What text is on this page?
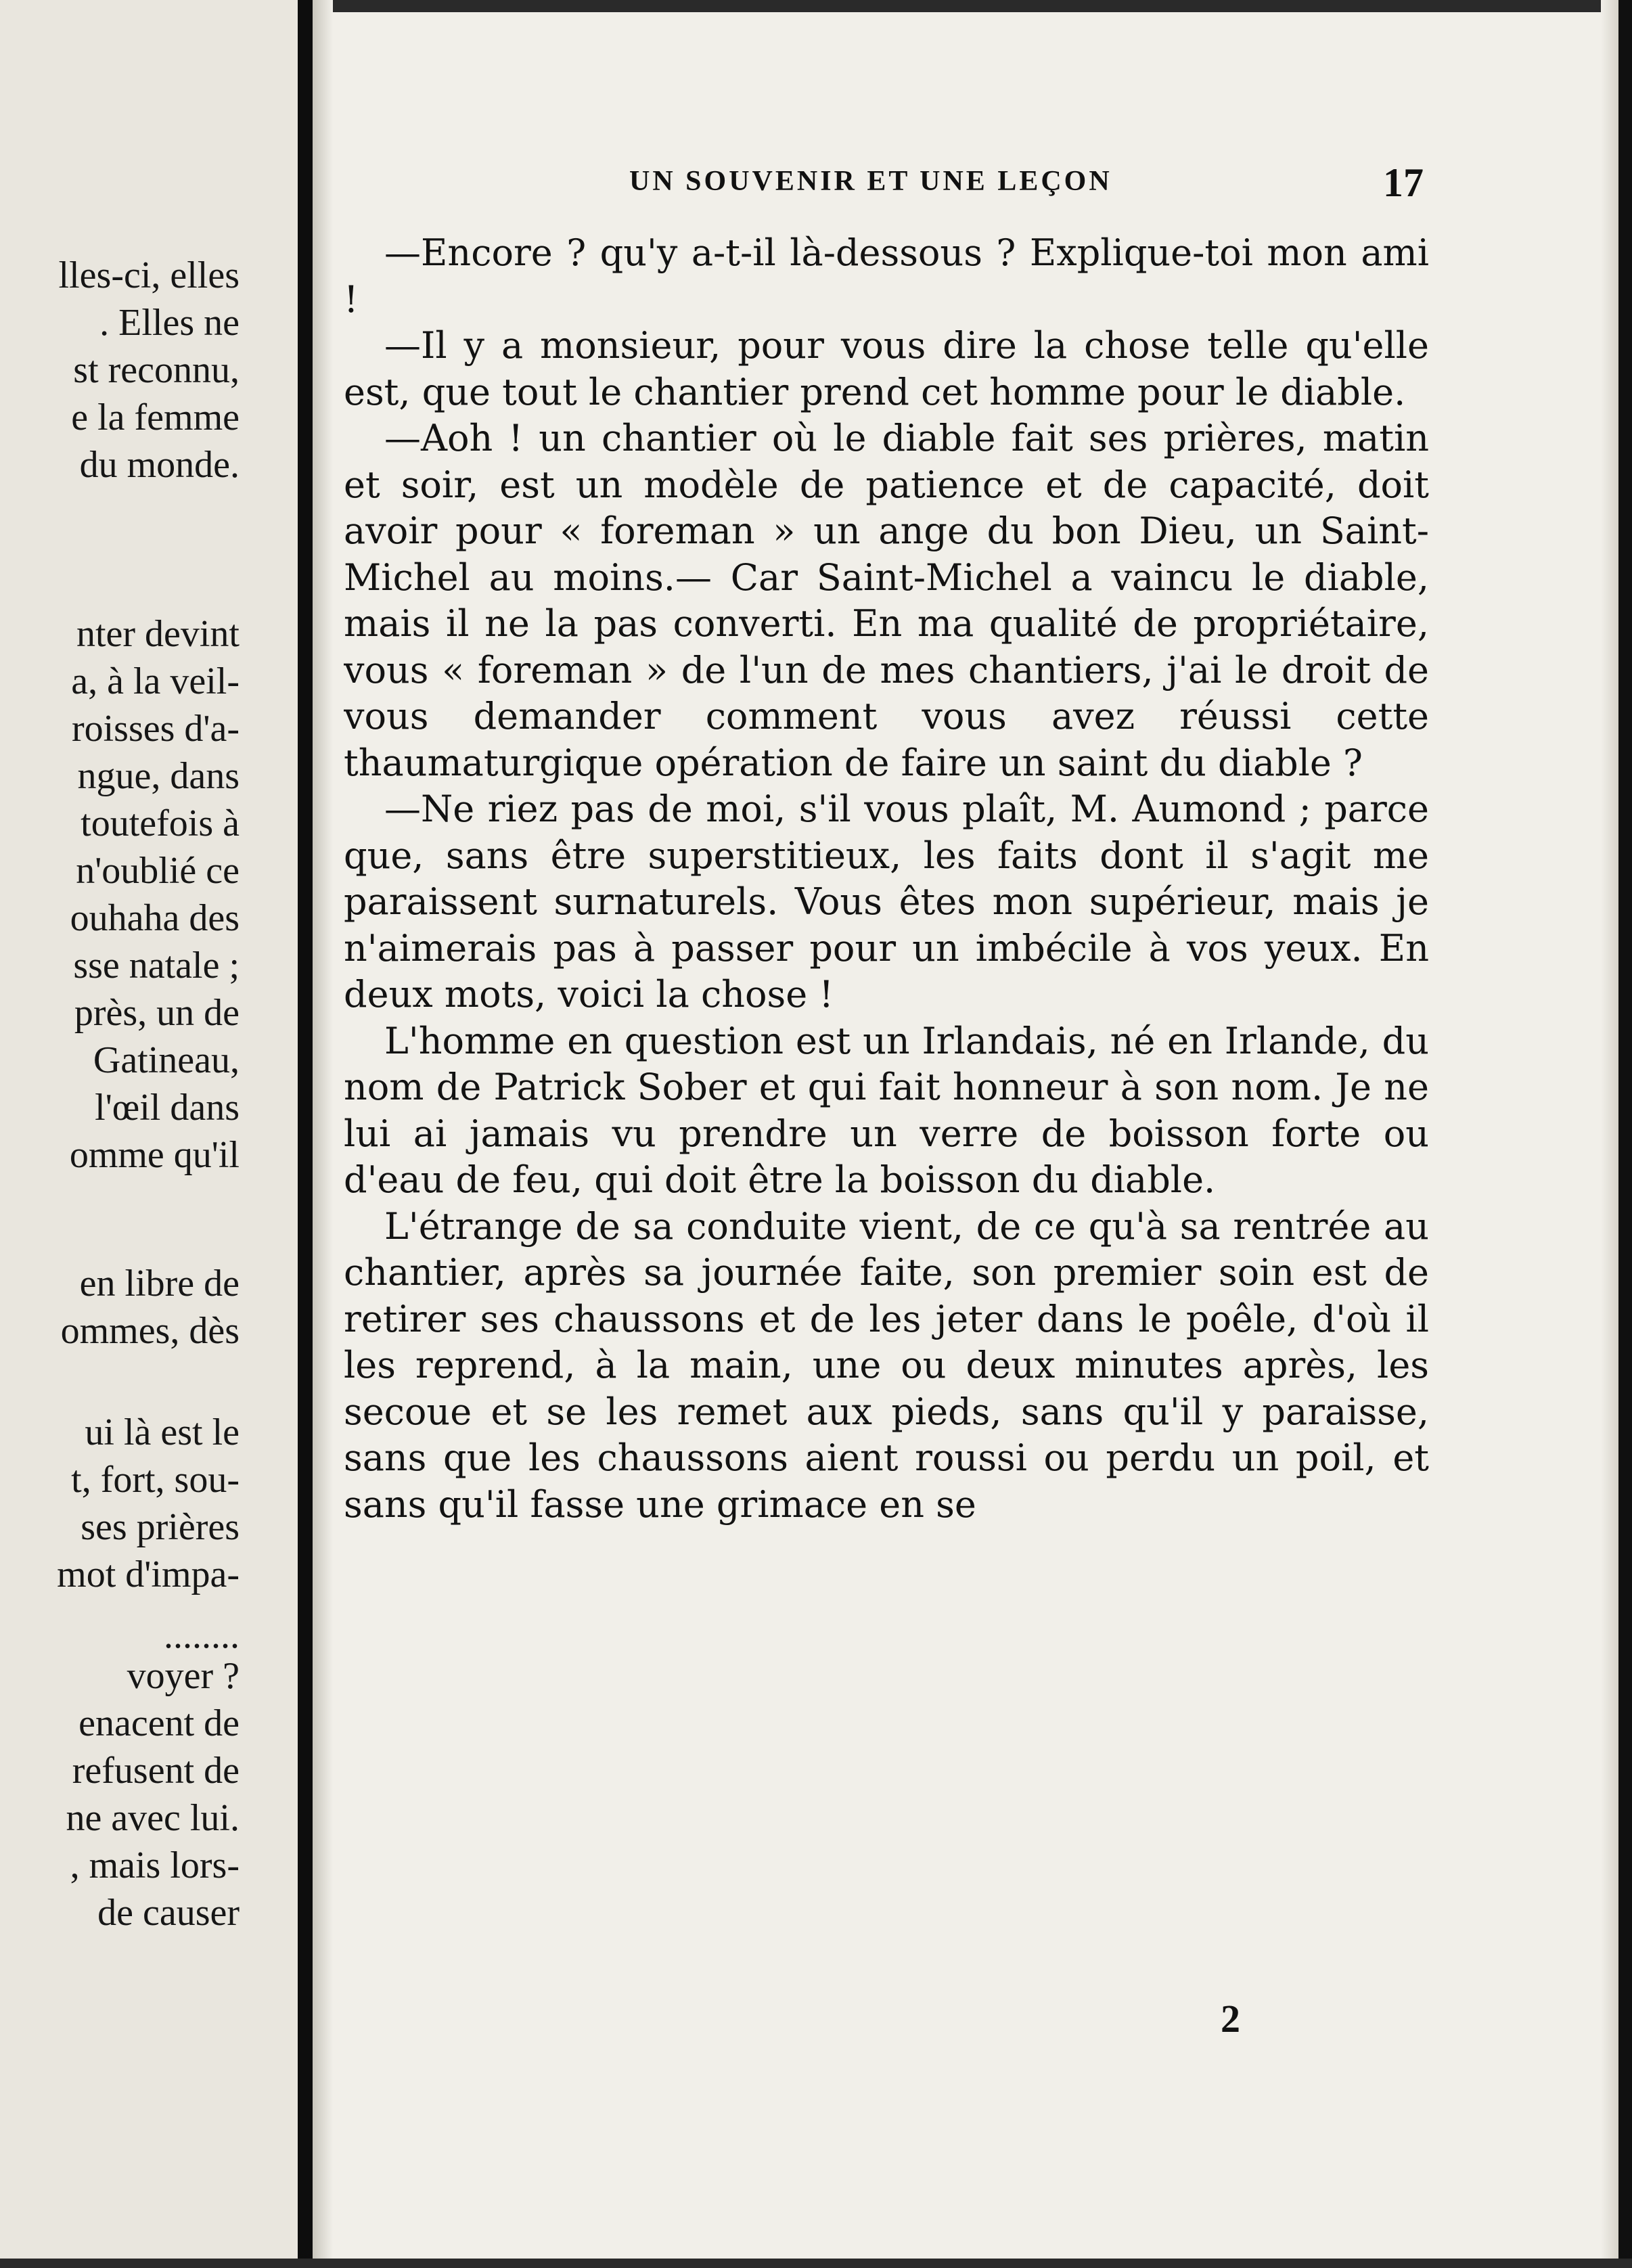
lles-ci, elles
. Elles ne
st reconnu,
e la femme
du monde.
nter devint
a, à la veil-
roisses d'a-
ngue, dans
toutefois à
n'oublié ce
ouhaha des
sse natale ;
près, un de
Gatineau,
l'œil dans
omme qu'il
en libre de
ommes, dès
ui là est le
t, fort, sou-
ses prières
mot d'impa-
........
voyer ?
enacent de
refusent de
ne avec lui.
, mais lors-
de causer
UN SOUVENIR ET UNE LEÇON	17

—Encore ? qu'y a-t-il là-dessous ? Explique-toi mon ami !

—Il y a monsieur, pour vous dire la chose telle qu'elle est, que tout le chantier prend cet homme pour le diable.

—Aoh ! un chantier où le diable fait ses prières, matin et soir, est un modèle de patience et de capacité, doit avoir pour « foreman » un ange du bon Dieu, un Saint-Michel au moins.— Car Saint-Michel a vaincu le diable, mais il ne la pas converti. En ma qualité de propriétaire, vous « foreman » de l'un de mes chantiers, j'ai le droit de vous demander comment vous avez réussi cette thaumaturgique opération de faire un saint du diable ?

—Ne riez pas de moi, s'il vous plaît, M. Aumond ; parce que, sans être superstitieux, les faits dont il s'agit me paraissent surnaturels. Vous êtes mon supérieur, mais je n'aimerais pas à passer pour un imbécile à vos yeux. En deux mots, voici la chose !

L'homme en question est un Irlandais, né en Irlande, du nom de Patrick Sober et qui fait honneur à son nom. Je ne lui ai jamais vu prendre un verre de boisson forte ou d'eau de feu, qui doit être la boisson du diable.

L'étrange de sa conduite vient, de ce qu'à sa rentrée au chantier, après sa journée faite, son premier soin est de retirer ses chaussons et de les jeter dans le poêle, d'où il les reprend, à la main, une ou deux minutes après, les secoue et se les remet aux pieds, sans qu'il y paraisse, sans que les chaussons aient roussi ou perdu un poil, et sans qu'il fasse une grimace en se

2
